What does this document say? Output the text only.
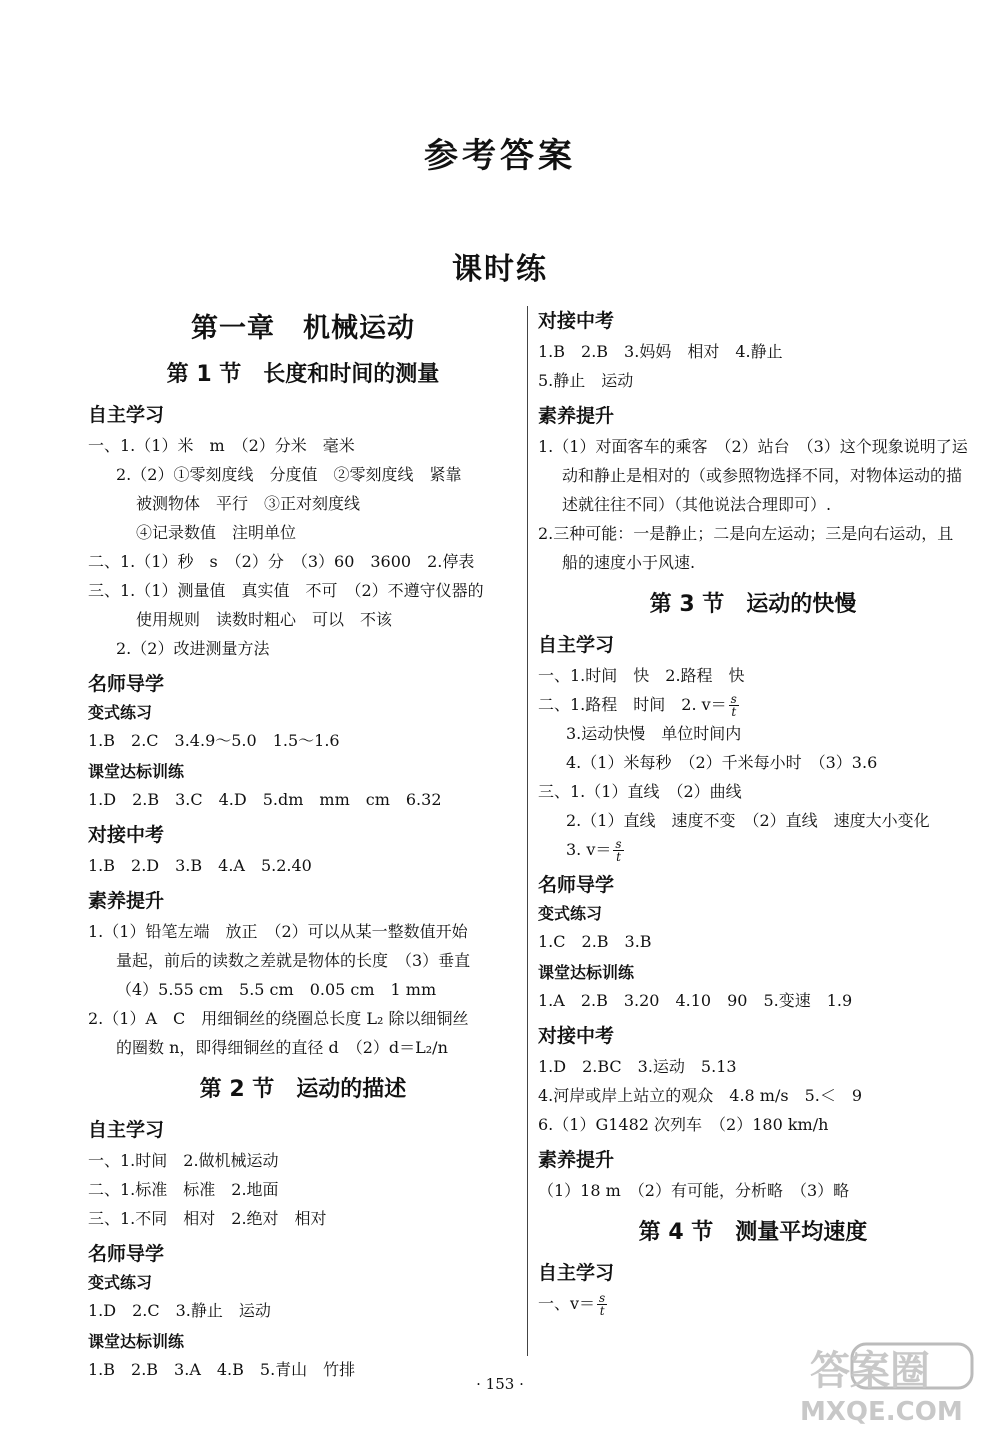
参考答案
课时练
第一章　机械运动
第 1 节　长度和时间的测量
自主学习
一、1.（1）米　m　（2）分米　毫米
2.（2）①零刻度线　分度值　②零刻度线　紧靠
被测物体　平行　③正对刻度线
④记录数值　注明单位
二、1.（1）秒　s　（2）分　（3）60　3600　2.停表
三、1.（1）测量值　真实值　不可　（2）不遵守仪器的
使用规则　读数时粗心　可以　不该
2.（2）改进测量方法
名师导学
变式练习
1.B　2.C　3.4.9～5.0　1.5～1.6
课堂达标训练
1.D　2.B　3.C　4.D　5.dm　mm　cm　6.32
对接中考
1.B　2.D　3.B　4.A　5.2.40
素养提升
1.（1）铅笔左端　放正　（2）可以从某一整数值开始
量起，前后的读数之差就是物体的长度　（3）垂直
（4）5.55 cm　5.5 cm　0.05 cm　1 mm
2.（1）A　C　用细铜丝的绕圈总长度 L₂ 除以细铜丝
的圈数 n，即得细铜丝的直径 d　（2）d＝L₂/n
第 2 节　运动的描述
自主学习
一、1.时间　2.做机械运动
二、1.标准　标准　2.地面
三、1.不同　相对　2.绝对　相对
名师导学
变式练习
1.D　2.C　3.静止　运动
课堂达标训练
1.B　2.B　3.A　4.B　5.青山　竹排
对接中考
1.B　2.B　3.妈妈　相对　4.静止
5.静止　运动
素养提升
1.（1）对面客车的乘客　（2）站台　（3）这个现象说明了运动和静止是相对的（或参照物选择不同，对物体运动的描述就往往不同）（其他说法合理即可）.
2.三种可能：一是静止；二是向左运动；三是向右运动，且船的速度小于风速.
第 3 节　运动的快慢
自主学习
一、1.时间　快　2.路程　快
二、1.路程　时间　2. $v= \frac{s}{t}$
3.运动快慢　单位时间内
4.（1）米每秒　（2）千米每小时　（3）3.6
三、1.（1）直线　（2）曲线
2.（1）直线　速度不变　（2）直线　速度大小变化
3. $v= \frac{s}{t}$
名师导学
变式练习
1.C　2.B　3.B
课堂达标训练
1.A　2.B　3.20　4.10　90　5.变速　1.9
对接中考
1.D　2.BC　3.运动　5.13
4.河岸或岸上站立的观众　4.8 m/s　5.＜　9
6.（1）G1482 次列车　（2）180 km/h
素养提升
（1）18 m　（2）有可能，分析略　（3）略
第 4 节　测量平均速度
自主学习
一、$v= \frac{s}{t}$
· 153 ·	答案圈
MXQE.COM
